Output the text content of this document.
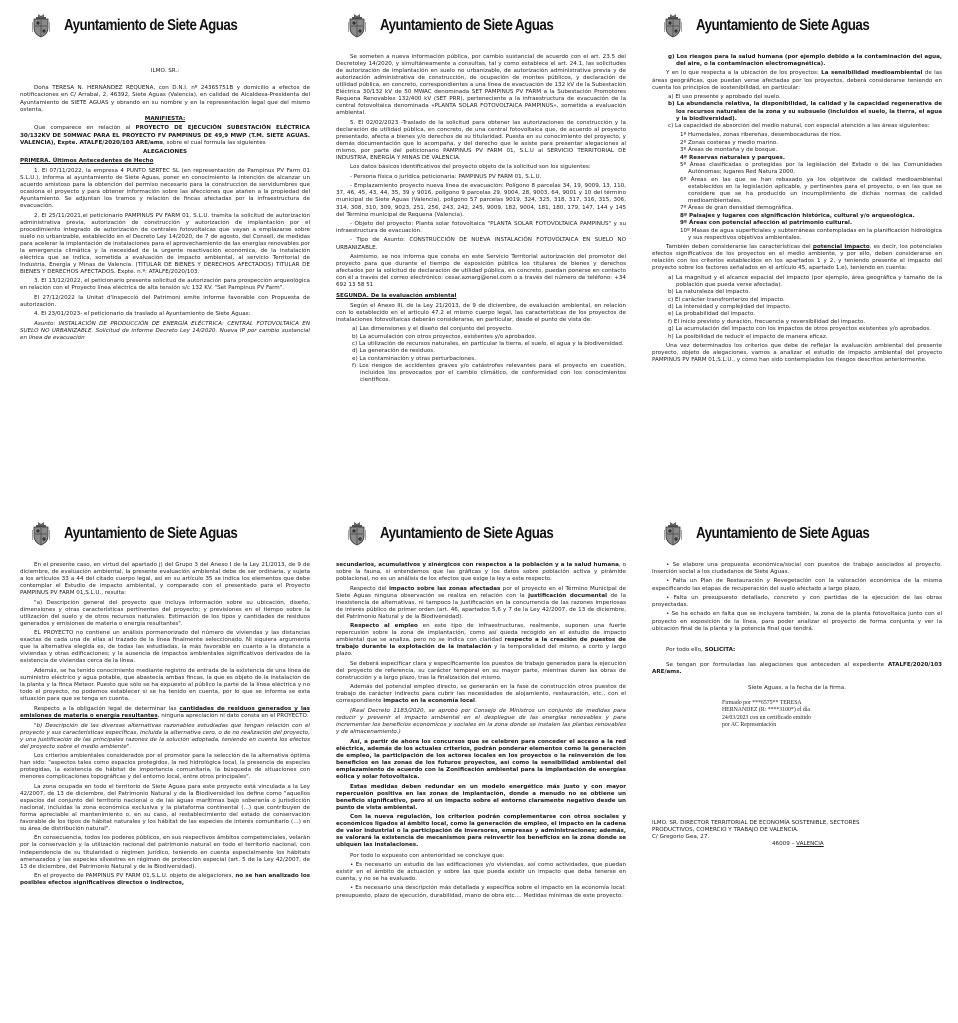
Ayuntamiento de Siete Aguas

ILMO. SR.:

Doña TERESA N. HERNÁNDEZ REQUENA, con D.N.I. nº 24365751B y domicilio a efectos de notificaciones en C/ Arrabal, 2, 46392, Siete Aguas (Valencia), en calidad de Alcaldesa-Presidenta del Ayuntamiento de SIETE AGUAS y obrando en su nombre y en la representación legal que del mismo ostenta,

MANIFIESTA:

Que comparece en relación al PROYECTO DE EJECUCIÓN SUBESTACIÓN ELÉCTRICA 30/132KV DE 50MWAC PARA EL PROYECTO FV PAMPINUS DE 49,9 MWP (T.M. SIETE AGUAS. VALENCIA), Expte. ATALFE/2020/103 ARE/ams, sobre el cual formula las siguientes

ALEGACIONES

PRIMERA. Últimos Antecedentes de Hecho

1. El 07/11/2022, la empresa 4 PUNTO SERTEC SL (en representación de Pampinus PV Farm 01 S.L.U.), informa al ayuntamiento de Siete Aguas, poner en conocimiento la intención de alcanzar un acuerdo amistoso para la obtención del permiso necesario para la construcción de servidumbres que ocasiona el proyecto y para obtener información sobre las afecciones que atañen a la propiedad del Ayuntamiento. Se adjuntan los tramos y relación de fincas afectadas por la infraestructura de evacuación.

2. El 25/11/2021,el peticionario PAMPINUS PV FARM 01, S.L.U. tramita la solicitud de autorización administrativa previa, autorización de construcción y autorización de implantación por el procedimiento integrado de autorización de centrales fotovoltaicas que vayan a emplazarse sobre suelo no urbanizable, establecido en el Decreto Ley 14/2020, de 7 de agosto, del Consell, de medidas para acelerar la implantación de instalaciones para el aprovechamiento de las energías renovables por la emergencia climática y la necesidad de la urgente reactivación económica, de la instalación eléctrica que se indica, sometida a evaluación de impacto ambiental, al servicio Territorial de Industria, Energía y Minas de Valencia. (TITULAR DE BIENES Y DERECHOS AFECTADOS) TITULAR DE BIENES Y DERECHOS AFECTADOS. Expte. n.º: ATALFE/2020/103.

3. El 13/12/2022, el peticionario presenta solicitud de autorización para prospección arqueológica en relación con el Proyecto línea eléctrica de alta tensión s/c 132 KV. "Set Pampinus PV Farm".

El 27/12/2022 la Unitat d'Inspecció del Patrimoni emite informe favorable con Propuesta de autorización.

4. El 23/01/2023- el peticionario da traslado al Ayuntamiento de Siete Aguas:

Asunto: INSTALACIÓN DE PRODUCCIÓN DE ENERGÍA ELÉCTRICA: CENTRAL FOTOVOLTAICA EN SUELO NO URBANIZABLE. Solicitud de informe Decreto Ley 14/2020. Nueva IP por cambio sustancial en línea de evacuación

Ayuntamiento de Siete Aguas

Se someten a nueva información pública, por cambio sustancial de acuerdo con el art. 23.5 del Decretoley 14/2020, y simultáneamente a consultas, tal y como establece el art. 24.1, las solicitudes de autorización de implantación en suelo no urbanizable, de autorización administrativa previa y de autorización administrativa de construcción, de ocupación de montes públicos, y declaración de utilidad pública, en concreto, correspondientes a una línea de evacuación de 132 kV de la Subestación Eléctrica 30/132 kV de 50 MWAC denominada SET PAMPINUS PV FARM a la Subestación Promotores Requena Renovables 132/400 kV (SET PRR), perteneciente a la infraestructura de evacuación de la central fotovoltaica denominada «PLANTA SOLAR FOTOVOLTAICA PAMPINUS», sometida a evaluación ambiental.

5. El 02/02/2023 -Traslado de la solicitud para obtener las autorizaciones de construcción y la declaración de utilidad pública, en concreto, de una central fotovoltaica que, de acuerdo al proyecto presentado, afecta a bienes y/o derechos de su titularidad. Puesta en su conocimiento del proyecto, y demás documentación que lo acompaña, y del derecho que le asiste para presentar alegaciones al mismo, por parte del peticionario PAMPINUS PV FARM 01, S.L.U al SERVICIO TERRITORIAL DE INDUSTRIA, ENERGÍA Y MINAS DE VALENCIA.

Los datos básicos identificativos del proyecto objeto de la solicitud son los siguientes:

- Persona física o jurídica peticionaria: PAMPINUS PV FARM 01, S.L.U.

- Emplazamiento proyecto nueva línea de evacuación: Polígono 8 parcelas 34, 19, 9009, 13, 110, 37, 46, 45, 43, 44, 35, 39 y 9016, polígono 9 parcelas 29, 9004, 28, 9003, 64, 9001 y 10 del término municipal de Siete Aguas (Valencia), polígono 57 parcelas 9019, 324, 325, 318, 317, 316, 315, 306, 314, 308, 310, 309, 9023, 251, 256, 243, 242, 245, 9009, 182, 9004, 181, 180, 179, 147, 144 y 145 del Término municipal de Requena (Valencia).

- Objeto del proyecto: Planta solar fotovoltaica "PLANTA SOLAR FOTOVOLTAICA PAMPINUS" y su infraestructura de evacuación.

- Tipo de Asunto: CONSTRUCCIÓN DE NUEVA INSTALACIÓN FOTOVOLTAICA EN SUELO NO URBANIZABLE.

Asimismo, se nos informa que consta en este Servicio Territorial autorización del promotor del proyecto para que durante el tiempo de exposición pública los titulares de bienes y derechos afectados por la solicitud de declaración de utilidad pública, en concreto, puedan ponerse en contacto con él a través del correo electrónico: cesar.aznarg@enel.com o a través del número de teléfono: +34 692 13 58 51

SEGUNDA. De la evaluación ambiental

Según el Anexo III, de la Ley 21/2013, de 9 de diciembre, de evaluación ambiental, en relación con lo establecido en el artículo 47.2 el mismo cuerpo legal, las características de los proyectos de instalaciones fotovoltaicas deberán considerarse, en particular, desde el punto de vista de:

a) Las dimensiones y el diseño del conjunto del proyecto.
b) La acumulación con otros proyectos, existentes y/o aprobados.
c) La utilización de recursos naturales, en particular la tierra, el suelo, el agua y la biodiversidad.
d) La generación de residuos.
e) La contaminación y otras perturbaciones.
f) Los riesgos de accidentes graves y/o catástrofes relevantes para el proyecto en cuestión, incluidos los provocados por el cambio climático, de conformidad con los conocimientos científicos.
Ayuntamiento de Siete Aguas
g) Los riesgos para la salud humana (por ejemplo debido a la contaminación del agua, del aire, o la contaminación electromagnética).

Y en lo que respecta a la ubicación de los proyectos: La sensibilidad medioambiental de las áreas geográficas, que puedan verse afectadas por los proyectos, deberá considerarse teniendo en cuenta los principios de sostenibilidad, en particular:

a) El uso presente y aprobado del suelo.
b) La abundancia relativa, la disponibilidad, la calidad y la capacidad regenerativa de los recursos naturales de la zona y su subsuelo (incluidos el suelo, la tierra, el agua y la biodiversidad).
c) La capacidad de absorción del medio natural, con especial atención a las áreas siguientes:
1º Humedales, zonas ribereñas, desembocaduras de ríos.
2º Zonas costeras y medio marino.
3º Áreas de montaña y de bosque.
4º Reservas naturales y parques.
5º Áreas clasificadas o protegidas por la legislación del Estado o de las Comunidades Autónomas; lugares Red Natura 2000.
6º Áreas en las que se han rebasado ya los objetivos de calidad medioambiental establecidos en la legislación aplicable, y pertinentes para el proyecto, o en las que se considere que se ha producido un incumplimiento de dichas normas de calidad medioambientales.
7º Áreas de gran densidad demográfica.
8º Paisajes y lugares con significación histórica, cultural y/o arqueológica.
9º Áreas con potencial afección al patrimonio cultural.
10º Masas de agua superficiales y subterráneas contempladas en la planificación hidrológica y sus respectivos objetivos ambientales.

También deben considerarse las características del potencial impacto, es decir, los potenciales efectos significativos de los proyectos en el medio ambiente, y por ello, deben considerarse en relación con los criterios establecidos en los apartados 1 y 2, y teniendo presente el impacto del proyecto sobre los factores señalados en el artículo 45, apartado 1.e), teniendo en cuenta:

a) La magnitud y el alcance espacial del impacto (por ejemplo, área geográfica y tamaño de la población que pueda verse afectada).
b) La naturaleza del impacto.
c) El carácter transfronterizo del impacto.
d) La intensidad y complejidad del impacto.
e) La probabilidad del impacto.
f) El inicio previsto y duración, frecuencia y reversibilidad del impacto.
g) La acumulación del impacto con los impactos de otros proyectos existentes y/o aprobados.
h) La posibilidad de reducir el impacto de manera eficaz.

Una vez determinados los criterios que debe de reflejar la evaluación ambiental del presente proyecto, objeto de alegaciones, vamos a analizar el estudio de impacto ambiental del proyecto PAMPINUS PV FARM 01,S.L.U., y cómo han sido contemplados los riesgos descritos anteriormente.

Ayuntamiento de Siete Aguas

En el presente caso, en virtud del apartado j) del Grupo 3 del Anexo I de la Ley 21/2013, de 9 de diciembre, de evaluación ambiental, la presente evaluación ambiental debe de ser ordinaria, y sujeta a los artículos 33 a 44 del citado cuerpo legal, así en su artículo 35 se indica los elementos que debe contemplar el Estudio de impacto ambiental, y comparado con el presentado para el Proyecto PAMPINUS PV FARM 01,S.L.U., resulta:

"a) Descripción general del proyecto que incluya información sobre su ubicación, diseño, dimensiones y otras características pertinentes del proyecto; y previsiones en el tiempo sobre la utilización del suelo y de otros recursos naturales. Estimación de los tipos y cantidades de residuos generados y emisiones de materia o energía resultantes".

EL PROYECTO no contiene un análisis pormenorizado del número de viviendas y las distancias exactas de cada una de ellas al trazado de la línea finalmente seleccionado. Ni siquiera argumenta que la alternativa elegida es, de todas las estudiadas, la más favorable en cuanto a la distancia a viviendas y otras edificaciones; y la ausencia de impactos ambientales significativos derivados de la existencia de viviendas cerca de la línea.

Además, se ha tenido conocimiento mediante registro de entrada de la existencia de una línea de suministro eléctrico y agua potable, que abastecía ambas fincas, la que es objeto de la instalación de la planta y la finca Meteor. Puesto que sólo se ha expuesto al público la parte de la línea eléctrica y no todo el proyecto, no podemos establecer si se ha tenido en cuenta, por lo que se informa se esta situación para que se tenga en cuenta.

Respecto a la obligación legal de determinar las cantidades de residuos generados y las emisiones de materia o energía resultantes, ninguna apreciación ni dato consta en el PROYECTO.

"b) Descripción de las diversas alternativas razonables estudiadas que tengan relación con el proyecto y sus características específicas, incluida la alternativa cero, o de no realización del proyecto, y una justificación de las principales razones de la solución adoptada, teniendo en cuenta los efectos del proyecto sobre el medio ambiente".

Los criterios ambientales considerados por el promotor para la selección de la alternativa óptima han sido: "aspectos tales como espacios protegidos, la red hidrológica local, la presencia de especies protegidas, la existencia de hábitat de importancia comunitaria, la búsqueda de situaciones con menores complicaciones topográficas y del entorno local, entre otros principales".

La zona ocupada en todo el territorio de Siete Aguas para este proyecto está vinculada a la Ley 42/2007, de 13 de diciembre, del Patrimonio Natural y de la Biodiversidad los define como "aquellos espacios del conjunto del territorio nacional o de las aguas marítimas bajo soberanía o jurisdicción nacional, incluidas la zona económica exclusiva y la plataforma continental (…) que contribuyen de forma apreciable al mantenimiento o, en su caso, al restablecimiento del estado de conservación favorable de los tipos de hábitat naturales y los hábitat de las especies de interés comunitario (…) en su área de distribución natural".

En consecuencia, todos los poderes públicos, en sus respectivos ámbitos competenciales, velarán por la conservación y la utilización racional del patrimonio natural en todo el territorio nacional, con independencia de su titularidad o régimen jurídico, teniendo en cuenta especialmente los hábitats amenazados y las especies silvestres en régimen de protección especial (art. 5 de la Ley 42/2007, de 13 de diciembre, del Patrimonio Natural y de la Biodiversidad).

En el proyecto de PAMPINUS PV FARM 01,S.L.U. objeto de alegaciones, no se han analizado los posibles efectos significativos directos o indirectos,

Ayuntamiento de Siete Aguas

secundarios, acumulativos y sinérgicos con respectos a la población y a la salud humana, o sobre la fauna, si entendemos que las gráficas y los datos sobre población activa y pirámide poblacional, no es un análisis de los efectos que exige la ley a este respecto.

Respecto del impacto sobre las zonas afectadas por el proyecto en el Término Municipal de Siete Aguas ninguna observación se realiza en relación con la justificación documental de la inexistencia de alternativas, ni tampoco la justificación en la concurrencia de las razones imperiosas de interés público de primer orden (art. 46, apartados 5,6 y 7 de la Ley 42/2007, de 13 de diciembre, del Patrimonio Natural y de la Biodiversidad).

Respecto al empleo en este tipo de infraestructuras, realmente, suponen una fuerte repercusión sobre la zona de implantación, como así queda recogido en el estudio de impacto ambiental que se analiza, pero no se indica con claridad respecto a la creación de puestos de trabajo durante la explotación de la instalación y la temporalidad del mismo, a corto y largo plazo.

Se deberá especificar clara y específicamente los puestos de trabajo generados para la ejecución del proyecto de referencia, su carácter temporal en su mayor parte, mientras duren las obras de construcción y a largo plazo, tras la finalización del mismo.

Además del potencial empleo directo, se generarán en la fase de construcción otros puestos de trabajo de carácter indirecto para cubrir las necesidades de alojamiento, restauración, etc., con el correspondiente impacto en la economía local.

(Real Decreto 1183/2020, se aprobó por Consejo de Ministros un conjunto de medidas para reducir y prevenir el impacto ambiental en el despliegue de las energías renovables y para incrementar los beneficios económicos y sociales en la zona donde se instalen las plantas renovables y de almacenamiento.)

Así, a partir de ahora los concursos que se celebren para conceder el acceso a la red eléctrica, además de los actuales criterios, podrán ponderar elementos como la generación de empleo, la participación de los actores locales en los proyectos o la reinversión de los beneficios en las zonas de los futuros proyectos, así como la sensibilidad ambiental del emplazamiento de acuerdo con la Zonificación ambiental para la implantación de energías eólica y solar fotovoltaica.

Estas medidas deben redundar en un modelo energético más justo y con mayor repercusión positiva en las zonas de implantación, donde a menudo no se obtiene un beneficio significativo, pero si un impacto sobre el entorno claramente negativo desde un punto de vista ambiental.

Con la nueva regulación, los criterios podrán complementarse con otros sociales y económicos ligados al ámbito local, como la generación de empleo, el impacto en la cadena de valor industrial o la participación de inversores, empresas y administraciones; además, se valorará la existencia de mecanismos para reinvertir los beneficios en la zona donde se ubiquen las instalaciones.

Por todo lo expuesto con anterioridad se concluye que:

• Es necesario un estudio de las edificaciones y/o viviendas, así como actividades, que puedan existir en el ámbito de actuación y sobre las que pueda existir un impacto que deba tenerse en cuenta, y no se ha evaluado.

• Es necesario una descripción más detallada y específica sobre el impacto en la economía local: presupuesto, plazo de ejecución, durabilidad, mano de obra etc.... Medidas mínimas de este proyecto.

Ayuntamiento de Siete Aguas

• Se elabore una propuesta económica/social con puestos de trabajo asociados al proyecto. Inserción social a los ciudadanos de Siete Aguas.

• Falta un Plan de Restauración y Revegetación con la valoración económica de la misma especificando las etapas de recuperación del suelo afectado a largo plazo.

• Falta un presupuesto detallado, concreto y con partidas de la ejecución de las obras proyectadas.

• Se ha echado en falta que se incluyera también, la zona de la planta fotovoltaica junto con el proyecto en exposición de la línea, para poder analizar el proyecto de forma conjunta y ver la ubicación final de la planta y la potencia final que tendrá.

Por todo ello, SOLICITA:

Se tengan por formuladas las alegaciones que anteceden al expediente ATALFE/2020/103 ARE/ams.

Siete Aguas, a la fecha de la firma.

Firmado por ***6575** TERESA
HERNANDEZ (R: ****3100*) el día
24/03/2023 con un certificado emitido
por AC Representación
ILMO. SR. DIRECTOR TERRITORIAL DE ECONOMÍA SOSTENIBLE, SECTORES
PRODUCTIVOS, COMERCIO Y TRABAJO DE VALENCIA.
C/ Gregorio Gea, 27.
46009 – VALENCIA
